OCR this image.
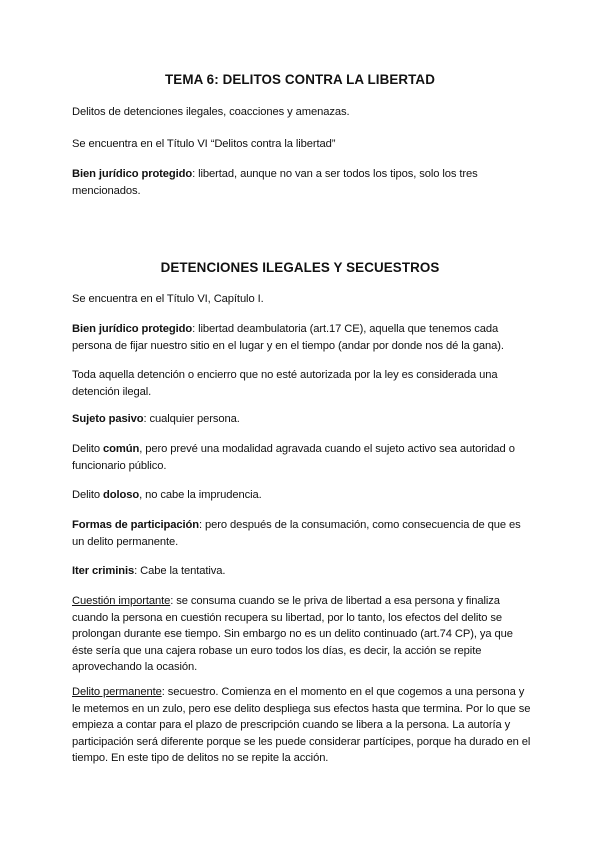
TEMA 6: DELITOS CONTRA LA LIBERTAD
Delitos de detenciones ilegales, coacciones y amenazas.
Se encuentra en el Título VI “Delitos contra la libertad”
Bien jurídico protegido: libertad, aunque no van a ser todos los tipos, solo los tres mencionados.
DETENCIONES ILEGALES Y SECUESTROS
Se encuentra en el Título VI, Capítulo I.
Bien jurídico protegido: libertad deambulatoria (art.17 CE), aquella que tenemos cada persona de fijar nuestro sitio en el lugar y en el tiempo (andar por donde nos dé la gana).
Toda aquella detención o encierro que no esté autorizada por la ley es considerada una detención ilegal.
Sujeto pasivo: cualquier persona.
Delito común, pero prevé una modalidad agravada cuando el sujeto activo sea autoridad o funcionario público.
Delito doloso, no cabe la imprudencia.
Formas de participación: pero después de la consumación, como consecuencia de que es un delito permanente.
Iter criminis: Cabe la tentativa.
Cuestión importante: se consuma cuando se le priva de libertad a esa persona y finaliza cuando la persona en cuestión recupera su libertad, por lo tanto, los efectos del delito se prolongan durante ese tiempo. Sin embargo no es un delito continuado (art.74 CP), ya que éste sería que una cajera robase un euro todos los días, es decir, la acción se repite aprovechando la ocasión.
Delito permanente: secuestro. Comienza en el momento en el que cogemos a una persona y le metemos en un zulo, pero ese delito despliega sus efectos hasta que termina. Por lo que se empieza a contar para el plazo de prescripción cuando se libera a la persona. La autoría y participación será diferente porque se les puede considerar partícipes, porque ha durado en el tiempo. En este tipo de delitos no se repite la acción.
